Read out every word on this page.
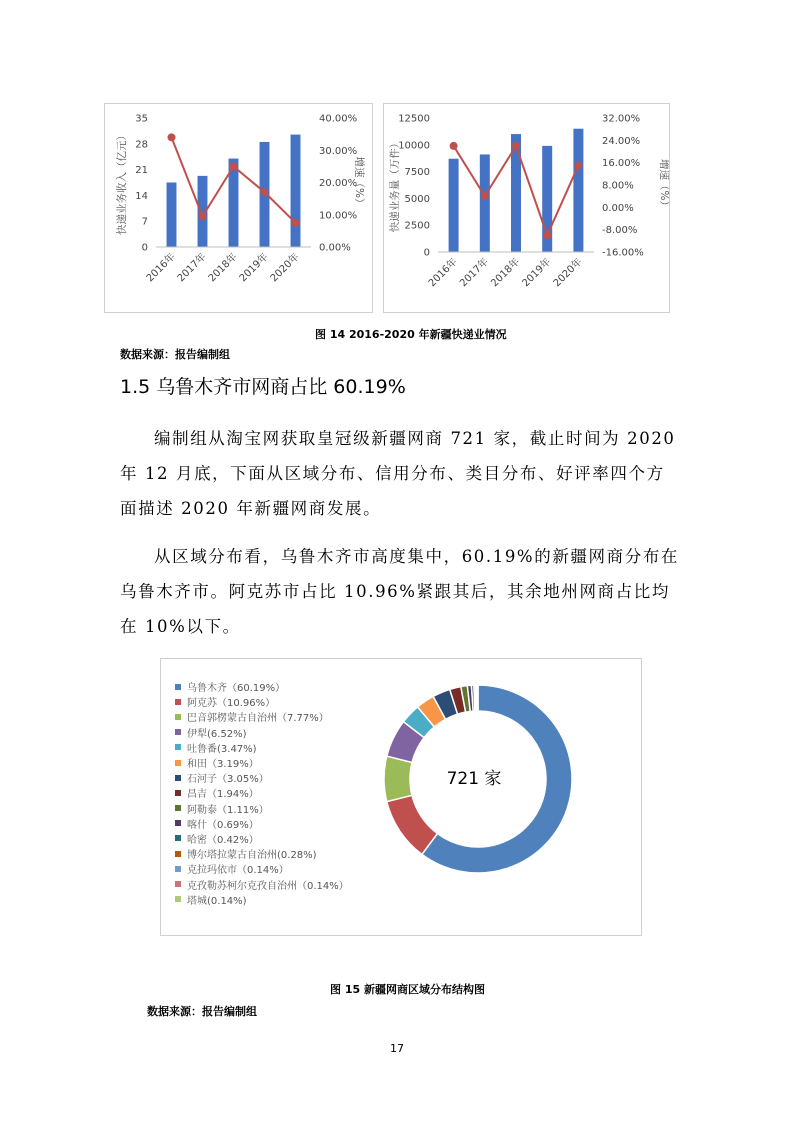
0
7
14
21
28
35
0.00%
10.00%
20.00%
30.00%
40.00%
2016年
2017年
2018年
2019年
2020年
快递业务收入（亿元）	增速（%）
0
2500
5000
7500
10000
12500
-16.00%
-8.00%
0.00%
8.00%
16.00%
24.00%
32.00%
2016年
2017年
2018年
2019年
2020年
快递业务量（万件）	增速（%）
图 14 2016-2020 年新疆快递业情况
数据来源：报告编制组
1.5 乌鲁木齐市网商占比 60.19%

编制组从淘宝网获取皇冠级新疆网商 721 家，截止时间为 2020

年 12 月底，下面从区域分布、信用分布、类目分布、好评率四个方

面描述 2020 年新疆网商发展。

从区域分布看，乌鲁木齐市高度集中，60.19%的新疆网商分布在

乌鲁木齐市。阿克苏市占比 10.96%紧跟其后，其余地州网商占比均

在 10%以下。

乌鲁木齐（60.19%）
阿克苏（10.96%）
巴音郭楞蒙古自治州（7.77%）
伊犁(6.52%)
吐鲁番(3.47%)
和田（3.19%）
石河子（3.05%）
昌吉（1.94%）
阿勒泰（1.11%）
喀什（0.69%）
哈密（0.42%）
博尔塔拉蒙古自治州(0.28%)
克拉玛依市（0.14%）
克孜勒苏柯尔克孜自治州（0.14%）
塔城(0.14%)
721 家
图 15 新疆网商区域分布结构图
数据来源：报告编制组
17
